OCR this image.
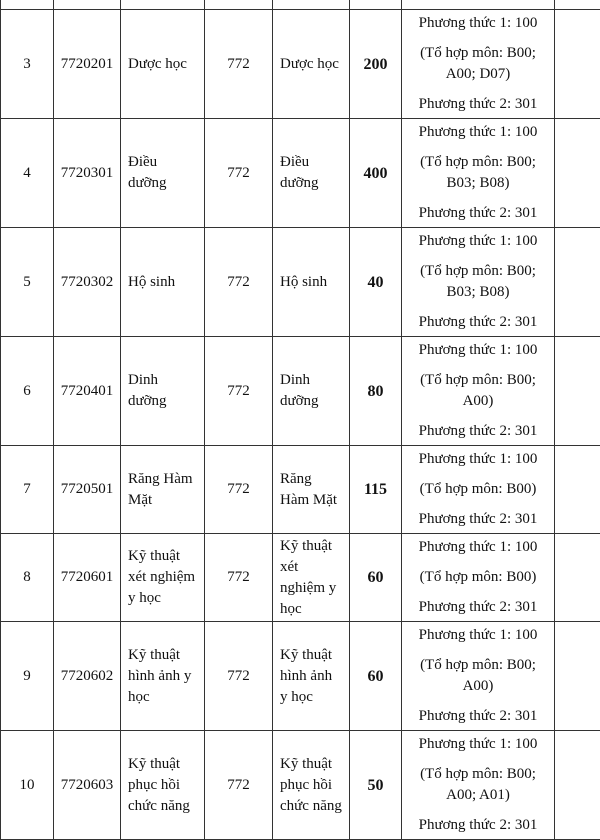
3	7720201	Dược học	772	Dược học	200	Phương thức 1: 100
(Tổ hợp môn: B00; A00; D07)
Phương thức 2: 301	

4	7720301	Điều dưỡng	772	Điều dưỡng	400	Phương thức 1: 100
(Tổ hợp môn: B00; B03; B08)
Phương thức 2: 301	

5	7720302	Hộ sinh	772	Hộ sinh	40	Phương thức 1: 100
(Tổ hợp môn: B00; B03; B08)
Phương thức 2: 301	

6	7720401	Dinh dưỡng	772	Dinh dưỡng	80	Phương thức 1: 100
(Tổ hợp môn: B00; A00)
Phương thức 2: 301	

7	7720501	Răng Hàm Mặt	772	Răng Hàm Mặt	115	Phương thức 1: 100
(Tổ hợp môn: B00)
Phương thức 2: 301	

8	7720601	Kỹ thuật xét nghiệm y học	772	Kỹ thuật xét nghiệm y học	60	Phương thức 1: 100
(Tổ hợp môn: B00)
Phương thức 2: 301	

9	7720602	Kỹ thuật hình ảnh y học	772	Kỹ thuật hình ảnh y học	60	Phương thức 1: 100
(Tổ hợp môn: B00; A00)
Phương thức 2: 301	

10	7720603	Kỹ thuật phục hồi chức năng	772	Kỹ thuật phục hồi chức năng	50	Phương thức 1: 100
(Tổ hợp môn: B00; A00; A01)
Phương thức 2: 301	
